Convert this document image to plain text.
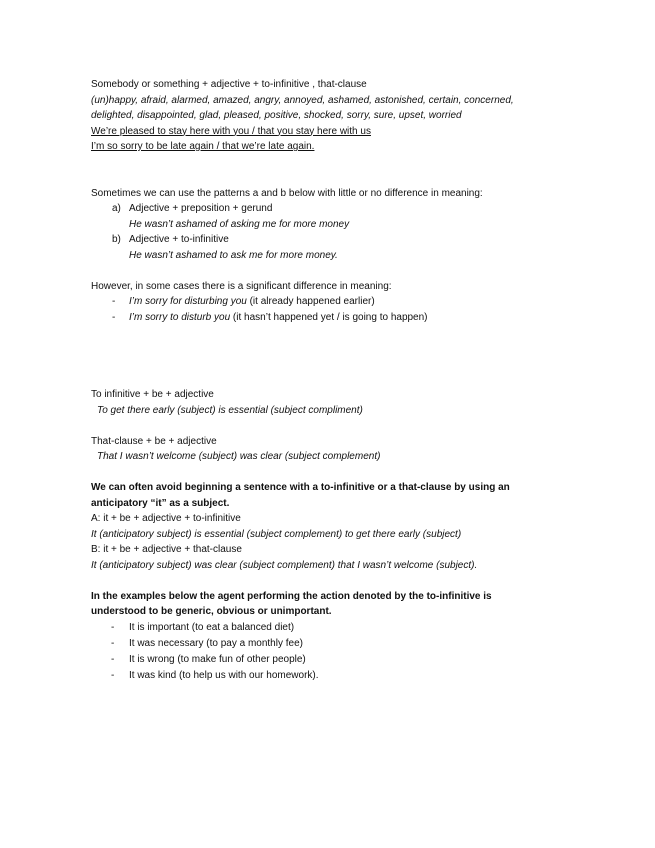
Somebody or something + adjective + to-infinitive , that-clause
(un)happy, afraid, alarmed, amazed, angry, annoyed, ashamed, astonished, certain, concerned,
delighted, disappointed, glad, pleased, positive, shocked, sorry, sure, upset, worried
We’re pleased to stay here with you / that you stay here with us
I’m so sorry to be late again / that we’re late again.
Sometimes we can use the patterns a and b below with little or no difference in meaning:
a) Adjective + preposition + gerund
He wasn’t ashamed of asking me for more money
b) Adjective + to-infinitive
He wasn’t ashamed to ask me for more money.
However, in some cases there is a significant difference in meaning:
- I’m sorry for disturbing you (it already happened earlier)
- I’m sorry to disturb you (it hasn’t happened yet / is going to happen)
To infinitive + be + adjective
To get there early (subject) is essential (subject compliment)
That-clause + be + adjective
That I wasn’t welcome (subject) was clear (subject complement)
We can often avoid beginning a sentence with a to-infinitive or a that-clause by using an anticipatory “it” as a subject.
A: it + be + adjective + to-infinitive
It (anticipatory subject) is essential (subject complement) to get there early (subject)
B: it + be + adjective + that-clause
It (anticipatory subject) was clear (subject complement) that I wasn’t welcome (subject).
In the examples below the agent performing the action denoted by the to-infinitive is understood to be generic, obvious or unimportant.
- It is important (to eat a balanced diet)
- It was necessary (to pay a monthly fee)
- It is wrong (to make fun of other people)
- It was kind (to help us with our homework).
